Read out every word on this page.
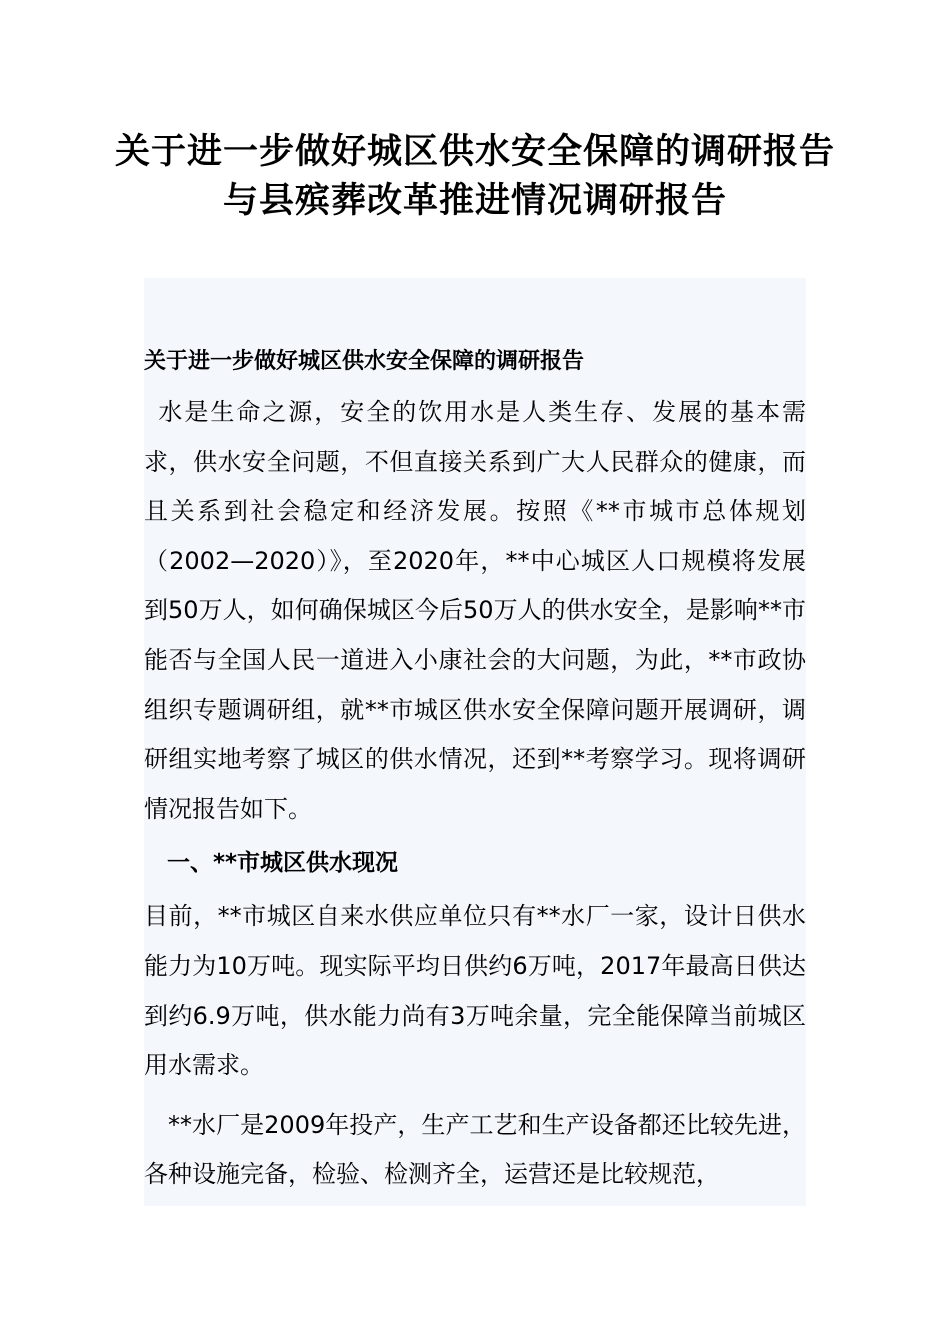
关于进一步做好城区供水安全保障的调研报告与县殡葬改革推进情况调研报告
关于进一步做好城区供水安全保障的调研报告

水是生命之源，安全的饮用水是人类生存、发展的基本需求，供水安全问题，不但直接关系到广大人民群众的健康，而且关系到社会稳定和经济发展。按照《**市城市总体规划（2002—2020）》，至2020年，**中心城区人口规模将发展到50万人，如何确保城区今后50万人的供水安全，是影响**市能否与全国人民一道进入小康社会的大问题，为此，**市政协组织专题调研组，就**市城区供水安全保障问题开展调研，调研组实地考察了城区的供水情况，还到**考察学习。现将调研情况报告如下。

一、**市城区供水现况

目前，**市城区自来水供应单位只有**水厂一家，设计日供水能力为10万吨。现实际平均日供约6万吨，2017年最高日供达到约6.9万吨，供水能力尚有3万吨余量，完全能保障当前城区用水需求。

**水厂是2009年投产，生产工艺和生产设备都还比较先进，各种设施完备，检验、检测齐全，运营还是比较规范，
